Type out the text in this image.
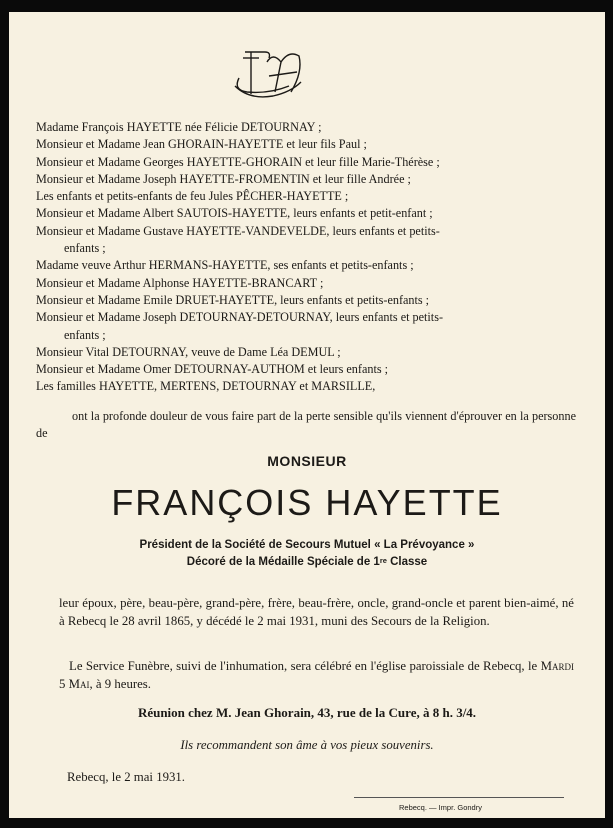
Madame François HAYETTE née Félicie DETOURNAY ;

Monsieur et Madame Jean GHORAIN-HAYETTE et leur fils Paul ;

Monsieur et Madame Georges HAYETTE-GHORAIN et leur fille Marie-Thérèse ;

Monsieur et Madame Joseph HAYETTE-FROMENTIN et leur fille Andrée ;

Les enfants et petits-enfants de feu Jules PÊCHER-HAYETTE ;

Monsieur et Madame Albert SAUTOIS-HAYETTE, leurs enfants et petit-enfant ;

Monsieur et Madame Gustave HAYETTE-VANDEVELDE, leurs enfants et petits-

enfants ;

Madame veuve Arthur HERMANS-HAYETTE, ses enfants et petits-enfants ;

Monsieur et Madame Alphonse HAYETTE-BRANCART ;

Monsieur et Madame Emile DRUET-HAYETTE, leurs enfants et petits-enfants ;

Monsieur et Madame Joseph DETOURNAY-DETOURNAY, leurs enfants et petits-

enfants ;

Monsieur Vital DETOURNAY, veuve de Dame Léa DEMUL ;

Monsieur et Madame Omer DETOURNAY-AUTHOM et leurs enfants ;

Les familles HAYETTE, MERTENS, DETOURNAY et MARSILLE,

ont la profonde douleur de vous faire part de la perte sensible qu'ils viennent d'éprouver en la personne de
MONSIEUR
FRANÇOIS HAYETTE
Président de la Société de Secours Mutuel « La Prévoyance »
Décoré de la Médaille Spéciale de 1re Classe
leur époux, père, beau-père, grand-père, frère, beau-frère, oncle, grand-oncle et parent bien-aimé, né à Rebecq le 28 avril 1865, y décédé le 2 mai 1931, muni des Secours de la Religion.
Le Service Funèbre, suivi de l'inhumation, sera célébré en l'église paroissiale de Rebecq, le Mardi 5 Mai, à 9 heures.
Réunion chez M. Jean Ghorain, 43, rue de la Cure, à 8 h. 3/4.
Ils recommandent son âme à vos pieux souvenirs.
Rebecq, le 2 mai 1931.
Rebecq. — Impr. Gondry
